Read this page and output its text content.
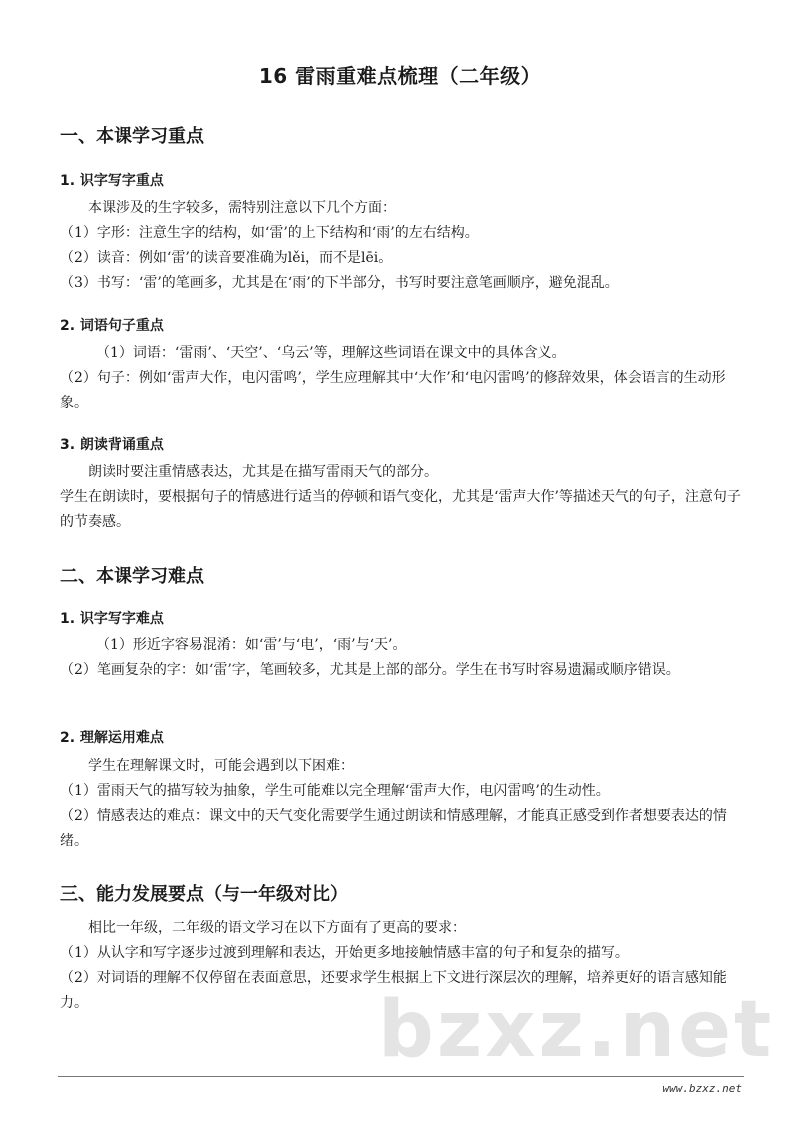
16 雷雨重难点梳理（二年级）
一、本课学习重点
1. 识字写字重点
本课涉及的生字较多，需特别注意以下几个方面：
（1）字形：注意生字的结构，如‘雷’的上下结构和‘雨’的左右结构。
（2）读音：例如‘雷’的读音要准确为lěi，而不是lēi。
（3）书写：‘雷’的笔画多，尤其是在‘雨’的下半部分，书写时要注意笔画顺序，避免混乱。
2. 词语句子重点
（1）词语：‘雷雨’、‘天空’、‘乌云’等，理解这些词语在课文中的具体含义。
（2）句子：例如‘雷声大作，电闪雷鸣’，学生应理解其中‘大作’和‘电闪雷鸣’的修辞效果，体会语言的生动形象。
3. 朗读背诵重点
朗读时要注重情感表达，尤其是在描写雷雨天气的部分。
学生在朗读时，要根据句子的情感进行适当的停顿和语气变化，尤其是‘雷声大作’等描述天气的句子，注意句子的节奏感。
二、本课学习难点
1. 识字写字难点
（1）形近字容易混淆：如‘雷’与‘电’，‘雨’与‘天’。
（2）笔画复杂的字：如‘雷’字，笔画较多，尤其是上部的部分。学生在书写时容易遗漏或顺序错误。
2. 理解运用难点
学生在理解课文时，可能会遇到以下困难：
（1）雷雨天气的描写较为抽象，学生可能难以完全理解‘雷声大作，电闪雷鸣’的生动性。
（2）情感表达的难点：课文中的天气变化需要学生通过朗读和情感理解，才能真正感受到作者想要表达的情绪。
三、能力发展要点（与一年级对比）
相比一年级，二年级的语文学习在以下方面有了更高的要求：
（1）从认字和写字逐步过渡到理解和表达，开始更多地接触情感丰富的句子和复杂的描写。
（2）对词语的理解不仅停留在表面意思，还要求学生根据上下文进行深层次的理解，培养更好的语言感知能力。	bzxz.net
www.bzxz.net
